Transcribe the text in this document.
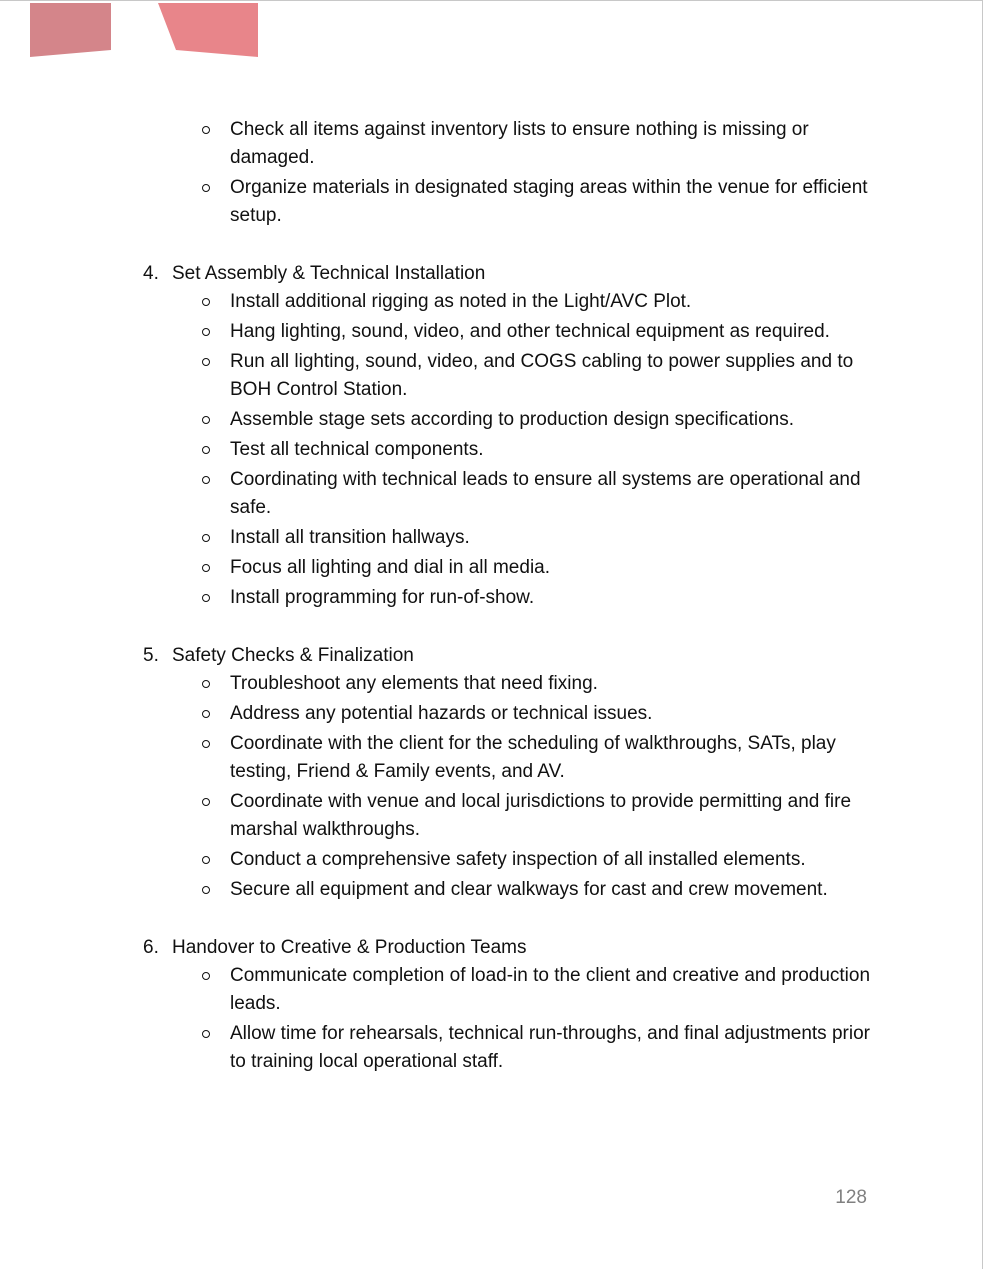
Check all items against inventory lists to ensure nothing is missing or damaged.
Organize materials in designated staging areas within the venue for efficient setup.
4. Set Assembly & Technical Installation
Install additional rigging as noted in the Light/AVC Plot.
Hang lighting, sound, video, and other technical equipment as required.
Run all lighting, sound, video, and COGS cabling to power supplies and to BOH Control Station.
Assemble stage sets according to production design specifications.
Test all technical components.
Coordinating with technical leads to ensure all systems are operational and safe.
Install all transition hallways.
Focus all lighting and dial in all media.
Install programming for run-of-show.
5. Safety Checks & Finalization
Troubleshoot any elements that need fixing.
Address any potential hazards or technical issues.
Coordinate with the client for the scheduling of walkthroughs, SATs, play testing, Friend & Family events, and AV.
Coordinate with venue and local jurisdictions to provide permitting and fire marshal walkthroughs.
Conduct a comprehensive safety inspection of all installed elements.
Secure all equipment and clear walkways for cast and crew movement.
6. Handover to Creative & Production Teams
Communicate completion of load-in to the client and creative and production leads.
Allow time for rehearsals, technical run-throughs, and final adjustments prior to training local operational staff.
128
